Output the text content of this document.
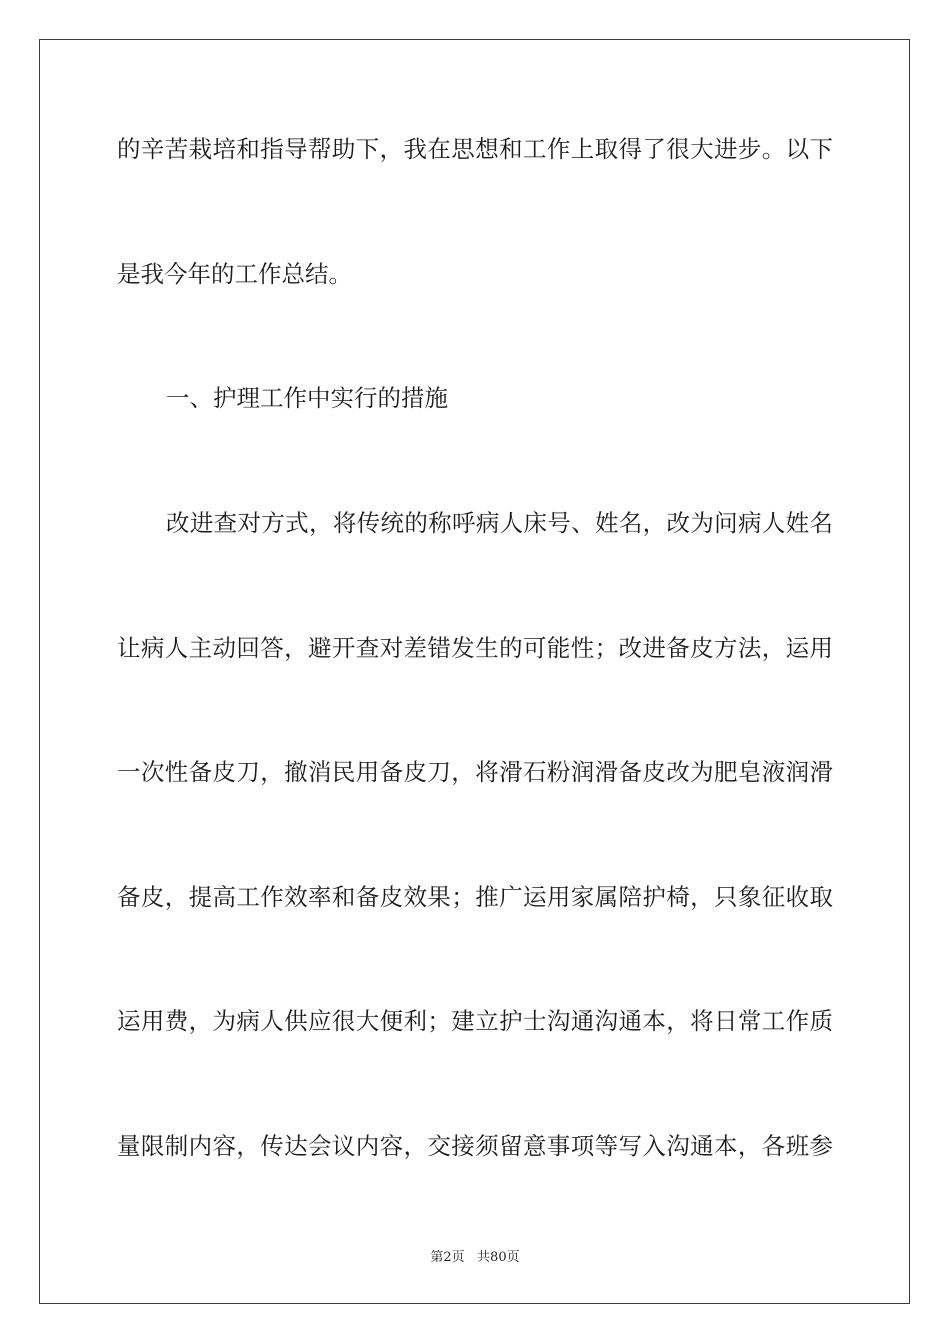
的辛苦栽培和指导帮助下，我在思想和工作上取得了很大进步。以下
是我今年的工作总结。
一、护理工作中实行的措施
改进查对方式，将传统的称呼病人床号、姓名，改为问病人姓名
让病人主动回答，避开查对差错发生的可能性；改进备皮方法，运用
一次性备皮刀，撤消民用备皮刀，将滑石粉润滑备皮改为肥皂液润滑
备皮，提高工作效率和备皮效果；推广运用家属陪护椅，只象征收取
运用费，为病人供应很大便利；建立护士沟通沟通本，将日常工作质
量限制内容，传达会议内容，交接须留意事项等写入沟通本，各班参
第2页   共80页
